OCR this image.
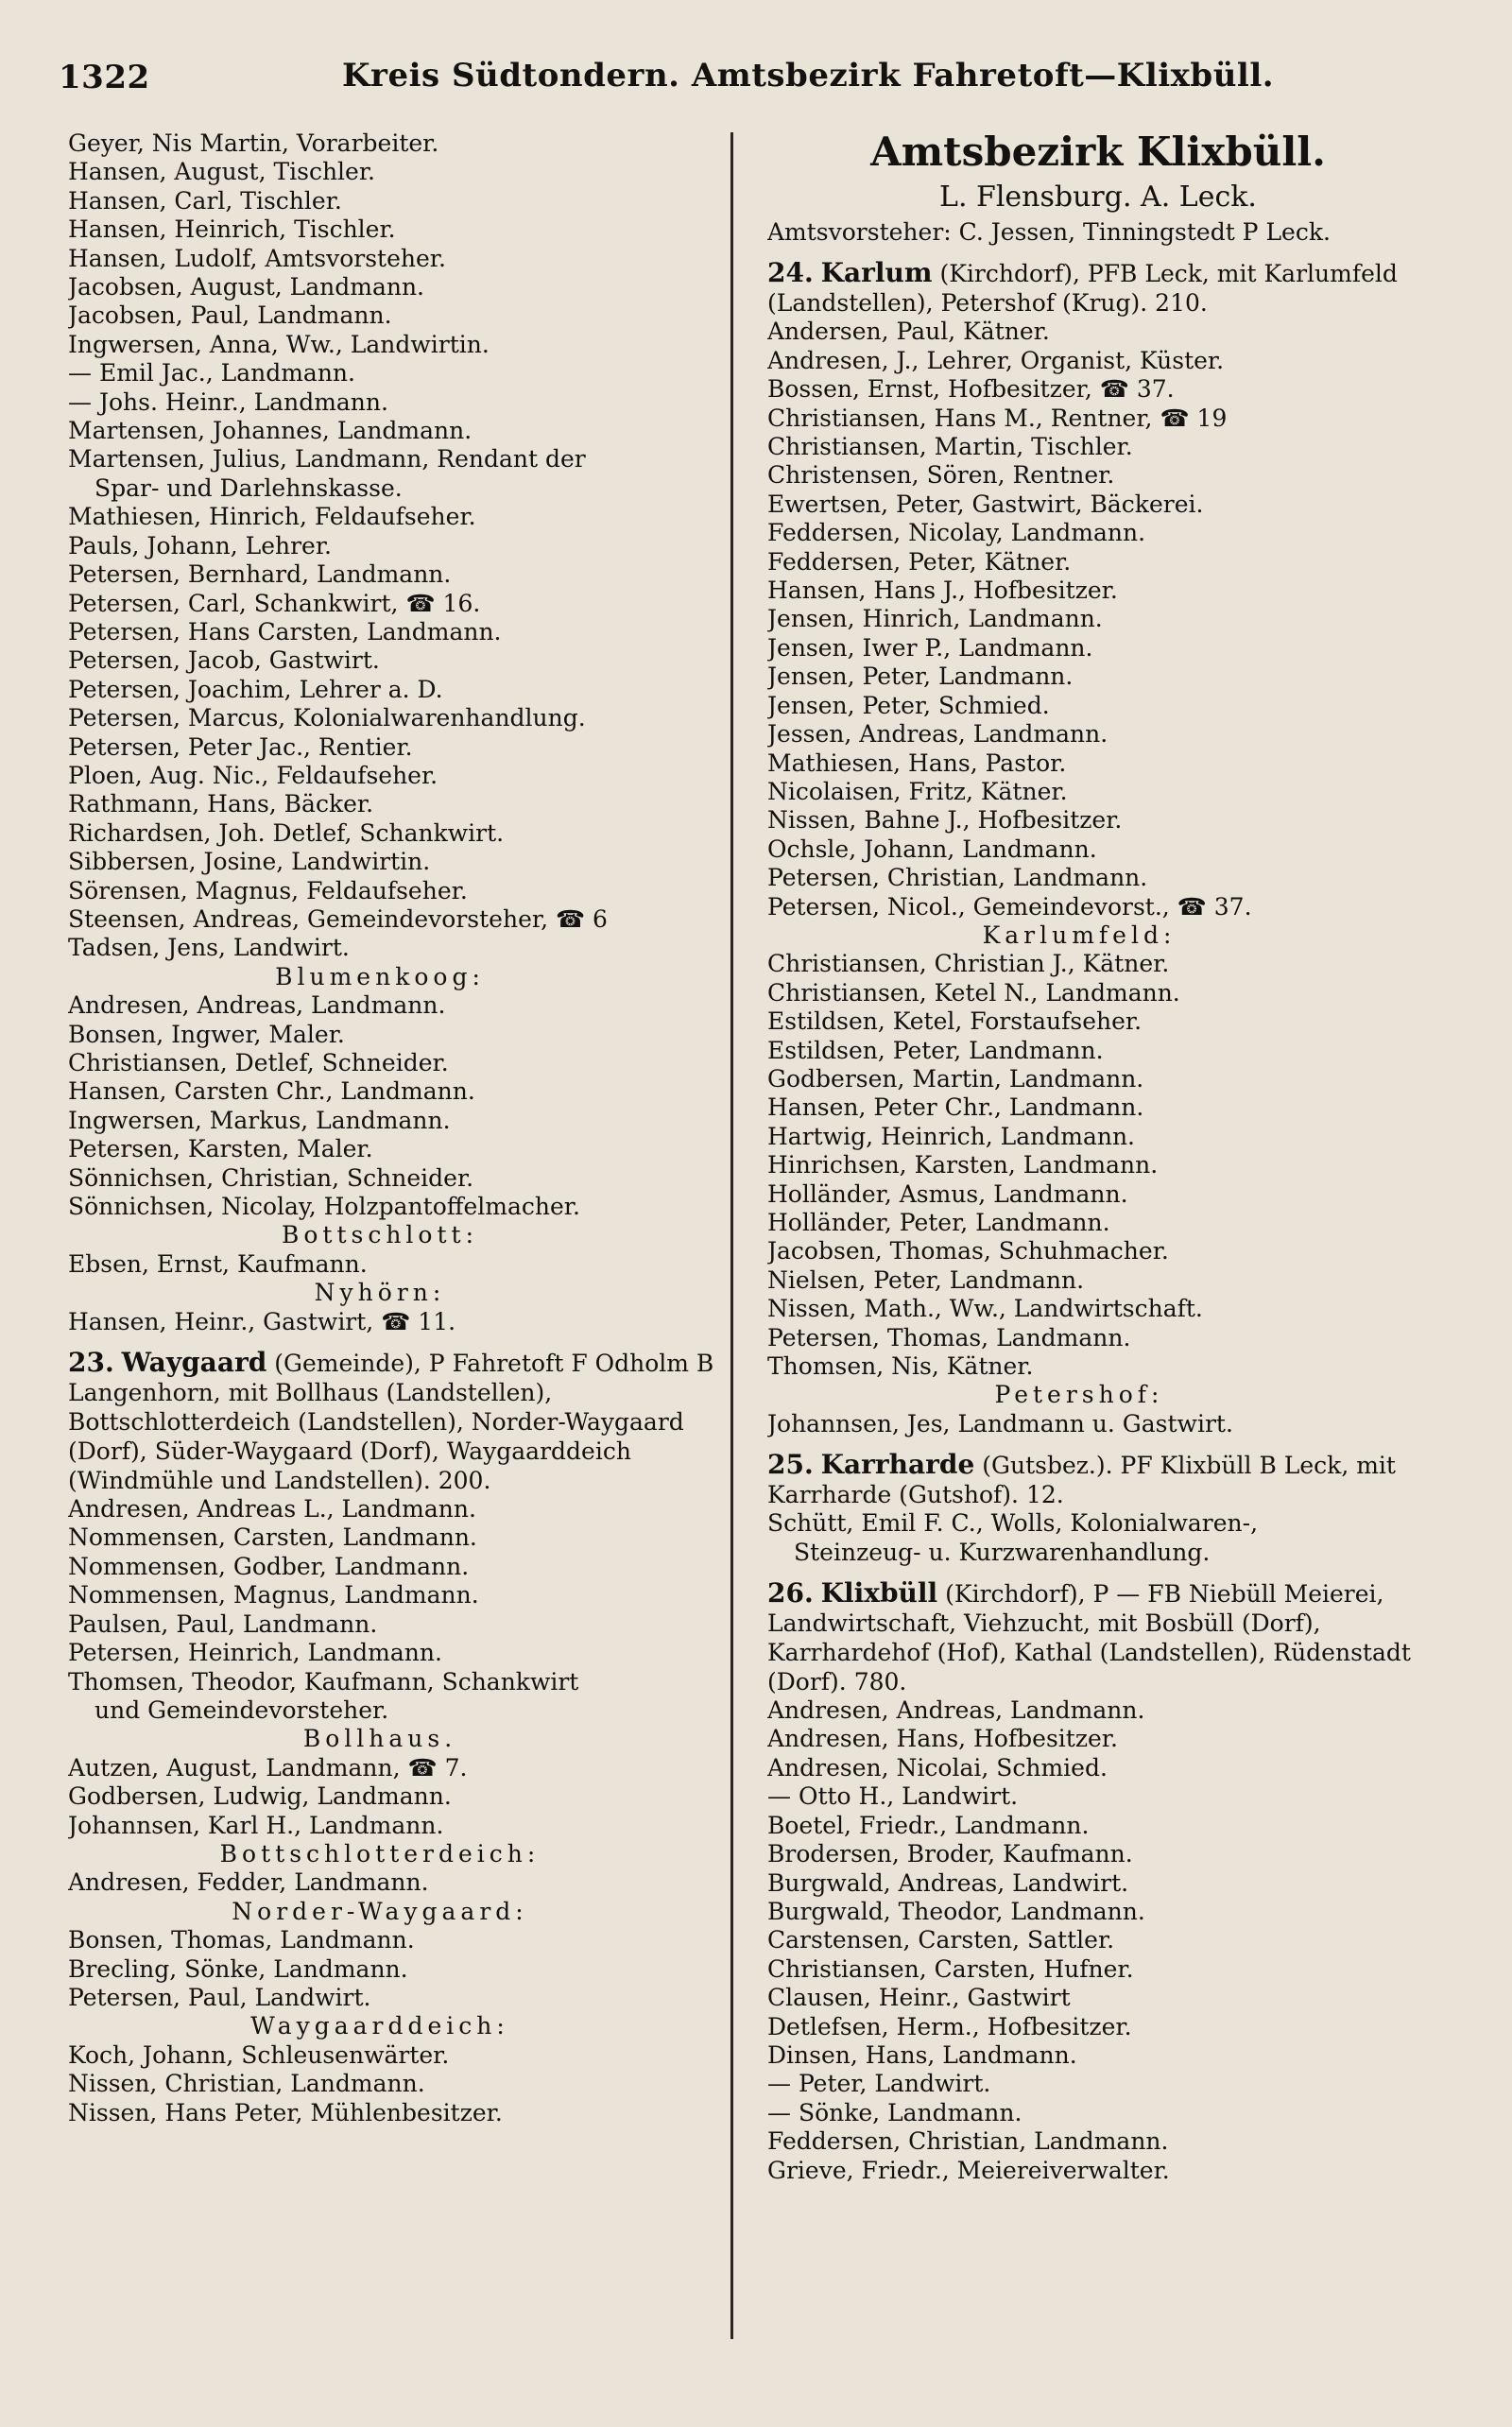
1322	Kreis Südtondern. Amtsbezirk Fahretoft—Klixbüll.
Geyer, Nis Martin, Vorarbeiter.
Hansen, August, Tischler.
Hansen, Carl, Tischler.
Hansen, Heinrich, Tischler.
Hansen, Ludolf, Amtsvorsteher.
Jacobsen, August, Landmann.
Jacobsen, Paul, Landmann.
Ingwersen, Anna, Ww., Landwirtin.
— Emil Jac., Landmann.
— Johs. Heinr., Landmann.
Martensen, Johannes, Landmann.
Martensen, Julius, Landmann, Rendant der
Spar- und Darlehnskasse.
Mathiesen, Hinrich, Feldaufseher.
Pauls, Johann, Lehrer.
Petersen, Bernhard, Landmann.
Petersen, Carl, Schankwirt, ☎ 16.
Petersen, Hans Carsten, Landmann.
Petersen, Jacob, Gastwirt.
Petersen, Joachim, Lehrer a. D.
Petersen, Marcus, Kolonialwarenhandlung.
Petersen, Peter Jac., Rentier.
Ploen, Aug. Nic., Feldaufseher.
Rathmann, Hans, Bäcker.
Richardsen, Joh. Detlef, Schankwirt.
Sibbersen, Josine, Landwirtin.
Sörensen, Magnus, Feldaufseher.
Steensen, Andreas, Gemeindevorsteher, ☎ 6
Tadsen, Jens, Landwirt.
Blumenkoog:
Andresen, Andreas, Landmann.
Bonsen, Ingwer, Maler.
Christiansen, Detlef, Schneider.
Hansen, Carsten Chr., Landmann.
Ingwersen, Markus, Landmann.
Petersen, Karsten, Maler.
Sönnichsen, Christian, Schneider.
Sönnichsen, Nicolay, Holzpantoffelmacher.
Bottschlott:
Ebsen, Ernst, Kaufmann.
Nyhörn:
Hansen, Heinr., Gastwirt, ☎ 11.
23. Waygaard (Gemeinde), P Fahretoft F Odholm B Langenhorn, mit Bollhaus (Landstellen), Bottschlotterdeich (Landstellen), Norder-Waygaard (Dorf), Süder-Waygaard (Dorf), Waygaarddeich (Windmühle und Landstellen). 200.
Andresen, Andreas L., Landmann.
Nommensen, Carsten, Landmann.
Nommensen, Godber, Landmann.
Nommensen, Magnus, Landmann.
Paulsen, Paul, Landmann.
Petersen, Heinrich, Landmann.
Thomsen, Theodor, Kaufmann, Schankwirt
und Gemeindevorsteher.
Bollhaus.
Autzen, August, Landmann, ☎ 7.
Godbersen, Ludwig, Landmann.
Johannsen, Karl H., Landmann.
Bottschlotterdeich:
Andresen, Fedder, Landmann.
Norder-Waygaard:
Bonsen, Thomas, Landmann.
Brecling, Sönke, Landmann.
Petersen, Paul, Landwirt.
Waygaarddeich:
Koch, Johann, Schleusenwärter.
Nissen, Christian, Landmann.
Nissen, Hans Peter, Mühlenbesitzer.
Amtsbezirk Klixbüll.
L. Flensburg. A. Leck.
Amtsvorsteher: C. Jessen, Tinningstedt P Leck.
24. Karlum (Kirchdorf), PFB Leck, mit Karlumfeld (Landstellen), Petershof (Krug). 210.
Andersen, Paul, Kätner.
Andresen, J., Lehrer, Organist, Küster.
Bossen, Ernst, Hofbesitzer, ☎ 37.
Christiansen, Hans M., Rentner, ☎ 19
Christiansen, Martin, Tischler.
Christensen, Sören, Rentner.
Ewertsen, Peter, Gastwirt, Bäckerei.
Feddersen, Nicolay, Landmann.
Feddersen, Peter, Kätner.
Hansen, Hans J., Hofbesitzer.
Jensen, Hinrich, Landmann.
Jensen, Iwer P., Landmann.
Jensen, Peter, Landmann.
Jensen, Peter, Schmied.
Jessen, Andreas, Landmann.
Mathiesen, Hans, Pastor.
Nicolaisen, Fritz, Kätner.
Nissen, Bahne J., Hofbesitzer.
Ochsle, Johann, Landmann.
Petersen, Christian, Landmann.
Petersen, Nicol., Gemeindevorst., ☎ 37.
Karlumfeld:
Christiansen, Christian J., Kätner.
Christiansen, Ketel N., Landmann.
Estildsen, Ketel, Forstaufseher.
Estildsen, Peter, Landmann.
Godbersen, Martin, Landmann.
Hansen, Peter Chr., Landmann.
Hartwig, Heinrich, Landmann.
Hinrichsen, Karsten, Landmann.
Holländer, Asmus, Landmann.
Holländer, Peter, Landmann.
Jacobsen, Thomas, Schuhmacher.
Nielsen, Peter, Landmann.
Nissen, Math., Ww., Landwirtschaft.
Petersen, Thomas, Landmann.
Thomsen, Nis, Kätner.
Petershof:
Johannsen, Jes, Landmann u. Gastwirt.
25. Karrharde (Gutsbez.). PF Klixbüll B Leck, mit Karrharde (Gutshof). 12.
Schütt, Emil F. C., Wolls, Kolonialwaren-,
Steinzeug- u. Kurzwarenhandlung.
26. Klixbüll (Kirchdorf), P — FB Niebüll Meierei, Landwirtschaft, Viehzucht, mit Bosbüll (Dorf), Karrhardehof (Hof), Kathal (Landstellen), Rüdenstadt (Dorf). 780.
Andresen, Andreas, Landmann.
Andresen, Hans, Hofbesitzer.
Andresen, Nicolai, Schmied.
— Otto H., Landwirt.
Boetel, Friedr., Landmann.
Brodersen, Broder, Kaufmann.
Burgwald, Andreas, Landwirt.
Burgwald, Theodor, Landmann.
Carstensen, Carsten, Sattler.
Christiansen, Carsten, Hufner.
Clausen, Heinr., Gastwirt
Detlefsen, Herm., Hofbesitzer.
Dinsen, Hans, Landmann.
— Peter, Landwirt.
— Sönke, Landmann.
Feddersen, Christian, Landmann.
Grieve, Friedr., Meiereiverwalter.
